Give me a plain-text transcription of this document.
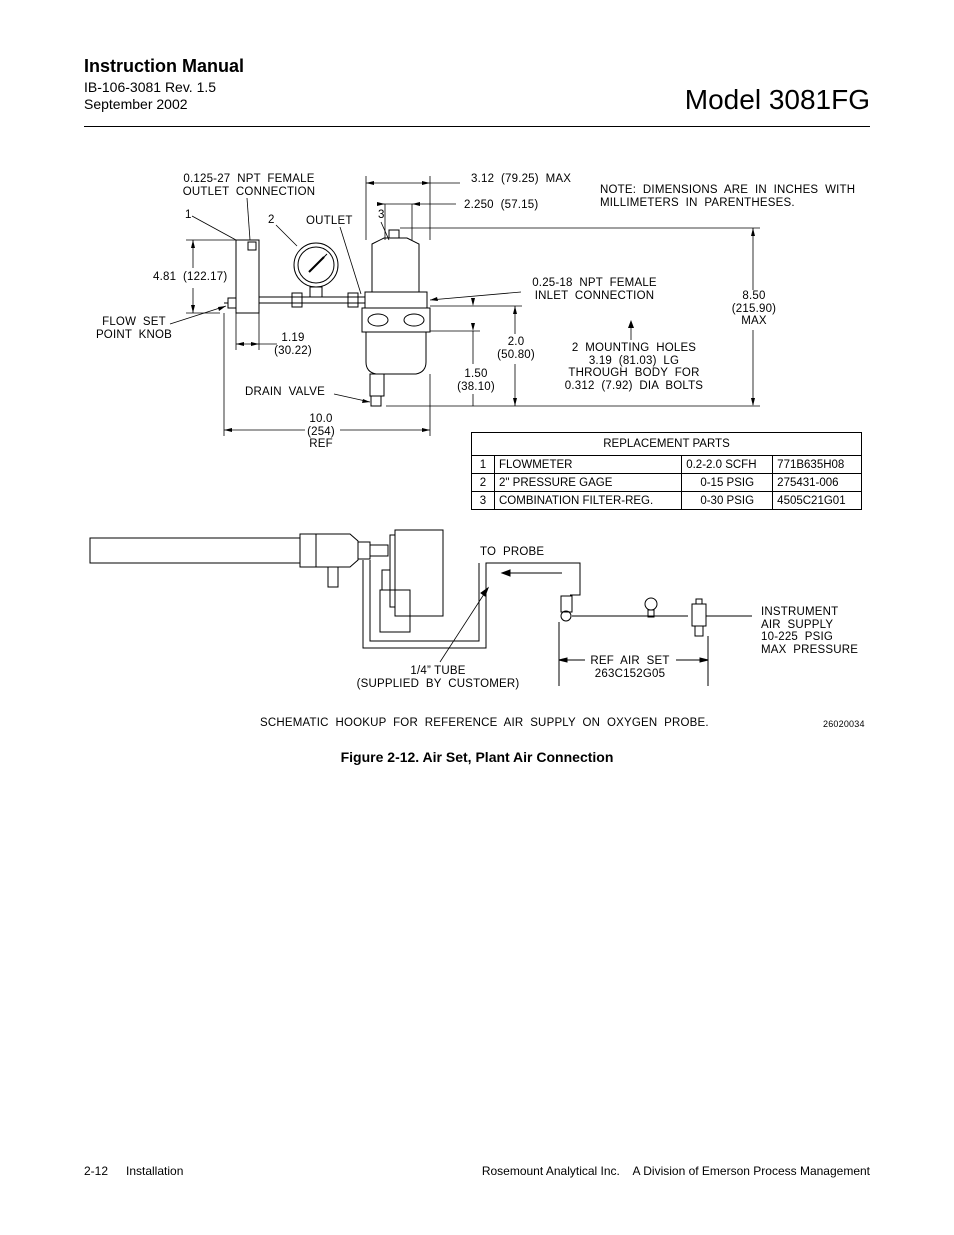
Instruction Manual
IB-106-3081 Rev. 1.5
September 2002	Model 3081FG
0.125-27  NPT  FEMALE
OUTLET  CONNECTION
1	2	3
OUTLET
3.12  (79.25)  MAX
2.250  (57.15)
NOTE:  DIMENSIONS  ARE  IN  INCHES  WITH
MILLIMETERS  IN  PARENTHESES.
4.81  (122.17)	0.25-18  NPT  FEMALE
INLET  CONNECTION	8.50
(215.90)
MAX
FLOW  SET
POINT  KNOB	1.19
(30.22)
2.0
(50.80)
2  MOUNTING  HOLES
3.19  (81.03)  LG
THROUGH  BODY  FOR
0.312  (7.92)  DIA  BOLTS
1.50
(38.10)
DRAIN  VALVE
10.0
(254)
REF	REPLACEMENT PARTS			
1	FLOWMETER	0.2-2.0 SCFH	771B635H08
2	2" PRESSURE GAGE	0-15 PSIG	275431-006
3	COMBINATION FILTER-REG.	0-30 PSIG	4505C21G01
TO  PROBE
INSTRUMENT
AIR  SUPPLY
10-225  PSIG
MAX  PRESSURE
REF  AIR  SET
263C152G05
1/4” TUBE
(SUPPLIED  BY  CUSTOMER)
SCHEMATIC  HOOKUP  FOR  REFERENCE  AIR  SUPPLY  ON  OXYGEN  PROBE.	26020034
Figure 2-12. Air Set, Plant Air Connection
2-12 Installation	Rosemount Analytical Inc.    A Division of Emerson Process Management
